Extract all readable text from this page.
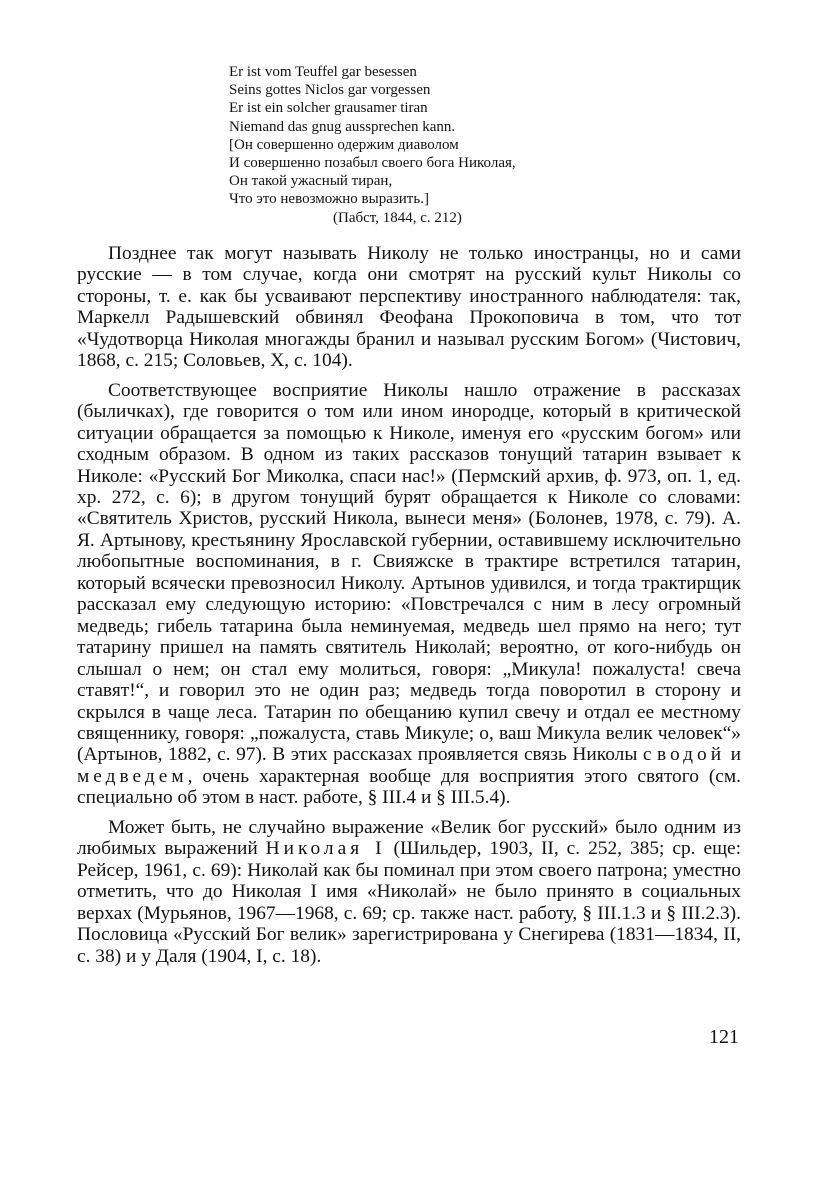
Er ist vom Teuffel gar besessen
Seins gottes Niclos gar vorgessen
Er ist ein solcher grausamer tiran
Niemand das gnug aussprechen kann.
[Он совершенно одержим диаволом
И совершенно позабыл своего бога Николая,
Он такой ужасный тиран,
Что это невозможно выразить.]
(Пабст, 1844, с. 212)

Позднее так могут называть Николу не только иностранцы, но и сами русские — в том случае, когда они смотрят на русский культ Николы со стороны, т. е. как бы усваивают перспективу иностранного наблюдателя: так, Маркелл Радышевский обвинял Феофана Прокоповича в том, что тот «Чудотворца Николая многажды бранил и называл русским Богом» (Чистович, 1868, с. 215; Соловьев, X, с. 104).

Соответствующее восприятие Николы нашло отражение в рассказах (быличках), где говорится о том или ином инородце, который в критической ситуации обращается за помощью к Николе, именуя его «русским богом» или сходным образом. В одном из таких рассказов тонущий татарин взывает к Николе: «Русский Бог Миколка, спаси нас!» (Пермский архив, ф. 973, оп. 1, ед. хр. 272, с. 6); в другом тонущий бурят обращается к Николе со словами: «Святитель Христов, русский Никола, вынеси меня» (Болонев, 1978, с. 79). А. Я. Артынову, крестьянину Ярославской губернии, оставившему исключительно любопытные воспоминания, в г. Свияжске в трактире встретился татарин, который всячески превозносил Николу. Артынов удивился, и тогда трактирщик рассказал ему следующую историю: «Повстречался с ним в лесу огромный медведь; гибель татарина была неминуемая, медведь шел прямо на него; тут татарину пришел на память святитель Николай; вероятно, от кого-нибудь он слышал о нем; он стал ему молиться, говоря: „Микула! пожалуста! свеча ставят!“, и говорил это не один раз; медведь тогда поворотил в сторону и скрылся в чаще леса. Татарин по обещанию купил свечу и отдал ее местному священнику, говоря: „пожалуста, ставь Микуле; о, ваш Микула велик человек“» (Артынов, 1882, с. 97). В этих рассказах проявляется связь Николы с водой и медведем, очень характерная вообще для восприятия этого святого (см. специально об этом в наст. работе, § III.4 и § III.5.4).

Может быть, не случайно выражение «Велик бог русский» было одним из любимых выражений Николая I (Шильдер, 1903, II, с. 252, 385; ср. еще: Рейсер, 1961, с. 69): Николай как бы поминал при этом своего патрона; уместно отметить, что до Николая I имя «Николай» не было принято в социальных верхах (Мурьянов, 1967—1968, с. 69; ср. также наст. работу, § III.1.3 и § III.2.3). Пословица «Русский Бог велик» зарегистрирована у Снегирева (1831—1834, II, с. 38) и у Даля (1904, I, с. 18).

121
